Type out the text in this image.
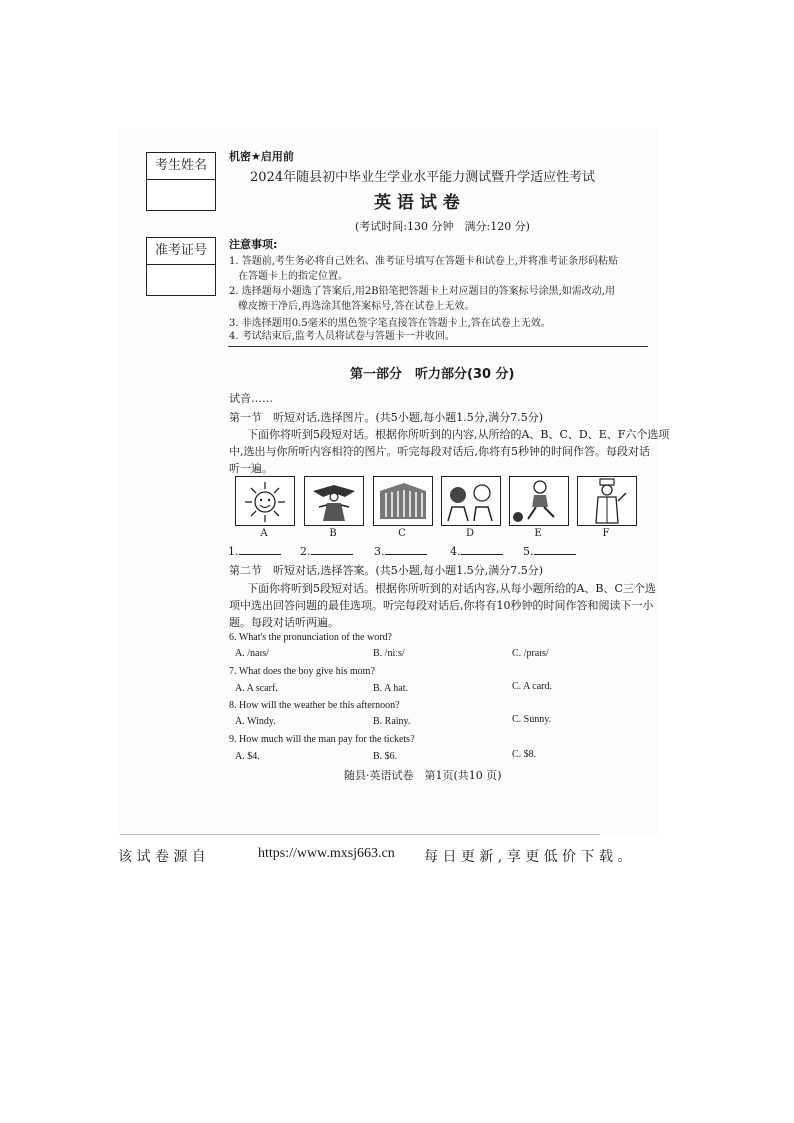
考生姓名
准考证号
机密★启用前
2024年随县初中毕业生学业水平能力测试暨升学适应性考试
英 语 试 卷
(考试时间:130 分钟　满分:120 分)
注意事项:
1. 答题前,考生务必将自己姓名、准考证号填写在答题卡和试卷上,并将准考证条形码粘贴
在答题卡上的指定位置。
2. 选择题每小题选了答案后,用2B铅笔把答题卡上对应题目的答案标号涂黑,如需改动,用
橡皮擦干净后,再选涂其他答案标号,答在试卷上无效。
3. 非选择题用0.5毫米的黑色签字笔直接答在答题卡上,答在试卷上无效。
4. 考试结束后,监考人员将试卷与答题卡一并收回。
第一部分　听力部分(30 分)
试音……
第一节　听短对话,选择图片。(共5小题,每小题1.5分,满分7.5分)
下面你将听到5段短对话。根据你所听到的内容,从所给的A、B、C、D、E、F六个选项
中,选出与你所听内容相符的图片。听完每段对话后,你将有5秒钟的时间作答。每段对话
听一遍。
A	B	C	D	E	F
1.	2.	3.	4.	5.
第二节　听短对话,选择答案。(共5小题,每小题1.5分,满分7.5分)
下面你将听到5段短对话。根据你所听到的对话内容,从每小题所给的A、B、C三个选
项中选出回答问题的最佳选项。听完每段对话后,你将有10秒钟的时间作答和阅读下一小
题。每段对话听两遍。
6. What's the pronunciation of the word?
A. /naɪs/	B. /niːs/	C. /praɪs/
7. What does the boy give his mom?
A. A scarf.	B. A hat.	C. A card.
8. How will the weather be this afternoon?
A. Windy.	B. Rainy.	C. Sunny.
9. How much will the man pay for the tickets?
A. $4.	B. $6.	C. $8.
随县·英语试卷　第1页(共10 页)
该 试 卷 源 自	https://www.mxsj663.cn 每 日 更 新 , 享 更 低 价 下 载 。
